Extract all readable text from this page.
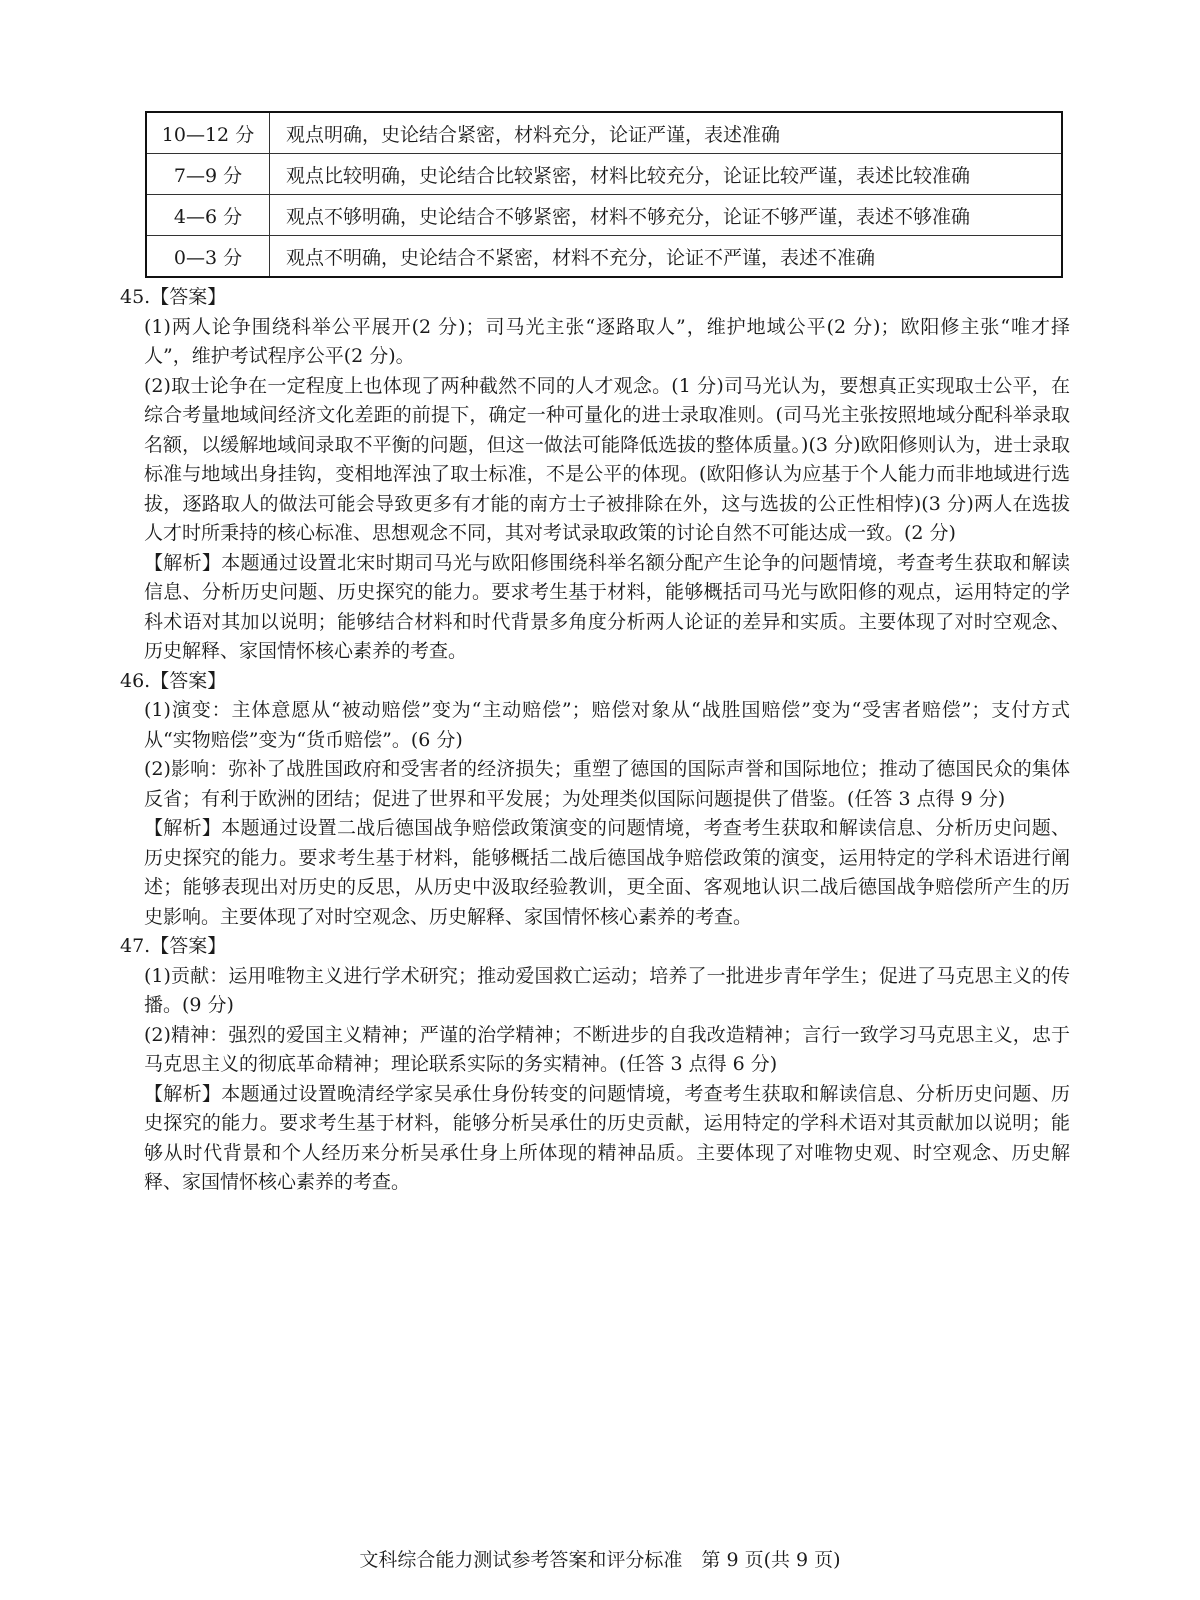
10—12 分	观点明确，史论结合紧密，材料充分，论证严谨，表述准确
7—9 分	观点比较明确，史论结合比较紧密，材料比较充分，论证比较严谨，表述比较准确
4—6 分	观点不够明确，史论结合不够紧密，材料不够充分，论证不够严谨，表述不够准确
0—3 分	观点不明确，史论结合不紧密，材料不充分，论证不严谨，表述不准确

45.【答案】

(1)两人论争围绕科举公平展开(2 分)；司马光主张“逐路取人”，维护地域公平(2 分)；欧阳修主张“唯才择人”，维护考试程序公平(2 分)。

(2)取士论争在一定程度上也体现了两种截然不同的人才观念。(1 分)司马光认为，要想真正实现取士公平，在综合考量地域间经济文化差距的前提下，确定一种可量化的进士录取准则。(司马光主张按照地域分配科举录取名额，以缓解地域间录取不平衡的问题，但这一做法可能降低选拔的整体质量。)(3 分)欧阳修则认为，进士录取标准与地域出身挂钩，变相地浑浊了取士标准，不是公平的体现。(欧阳修认为应基于个人能力而非地域进行选拔，逐路取人的做法可能会导致更多有才能的南方士子被排除在外，这与选拔的公正性相悖)(3 分)两人在选拔人才时所秉持的核心标准、思想观念不同，其对考试录取政策的讨论自然不可能达成一致。(2 分)

【解析】本题通过设置北宋时期司马光与欧阳修围绕科举名额分配产生论争的问题情境，考查考生获取和解读信息、分析历史问题、历史探究的能力。要求考生基于材料，能够概括司马光与欧阳修的观点，运用特定的学科术语对其加以说明；能够结合材料和时代背景多角度分析两人论证的差异和实质。主要体现了对时空观念、历史解释、家国情怀核心素养的考查。

46.【答案】

(1)演变：主体意愿从“被动赔偿”变为“主动赔偿”；赔偿对象从“战胜国赔偿”变为“受害者赔偿”；支付方式从“实物赔偿”变为“货币赔偿”。(6 分)

(2)影响：弥补了战胜国政府和受害者的经济损失；重塑了德国的国际声誉和国际地位；推动了德国民众的集体反省；有利于欧洲的团结；促进了世界和平发展；为处理类似国际问题提供了借鉴。(任答 3 点得 9 分)

【解析】本题通过设置二战后德国战争赔偿政策演变的问题情境，考查考生获取和解读信息、分析历史问题、历史探究的能力。要求考生基于材料，能够概括二战后德国战争赔偿政策的演变，运用特定的学科术语进行阐述；能够表现出对历史的反思，从历史中汲取经验教训，更全面、客观地认识二战后德国战争赔偿所产生的历史影响。主要体现了对时空观念、历史解释、家国情怀核心素养的考查。

47.【答案】

(1)贡献：运用唯物主义进行学术研究；推动爱国救亡运动；培养了一批进步青年学生；促进了马克思主义的传播。(9 分)

(2)精神：强烈的爱国主义精神；严谨的治学精神；不断进步的自我改造精神；言行一致学习马克思主义，忠于马克思主义的彻底革命精神；理论联系实际的务实精神。(任答 3 点得 6 分)

【解析】本题通过设置晚清经学家吴承仕身份转变的问题情境，考查考生获取和解读信息、分析历史问题、历史探究的能力。要求考生基于材料，能够分析吴承仕的历史贡献，运用特定的学科术语对其贡献加以说明；能够从时代背景和个人经历来分析吴承仕身上所体现的精神品质。主要体现了对唯物史观、时空观念、历史解释、家国情怀核心素养的考查。

文科综合能力测试参考答案和评分标准　第 9 页(共 9 页)
